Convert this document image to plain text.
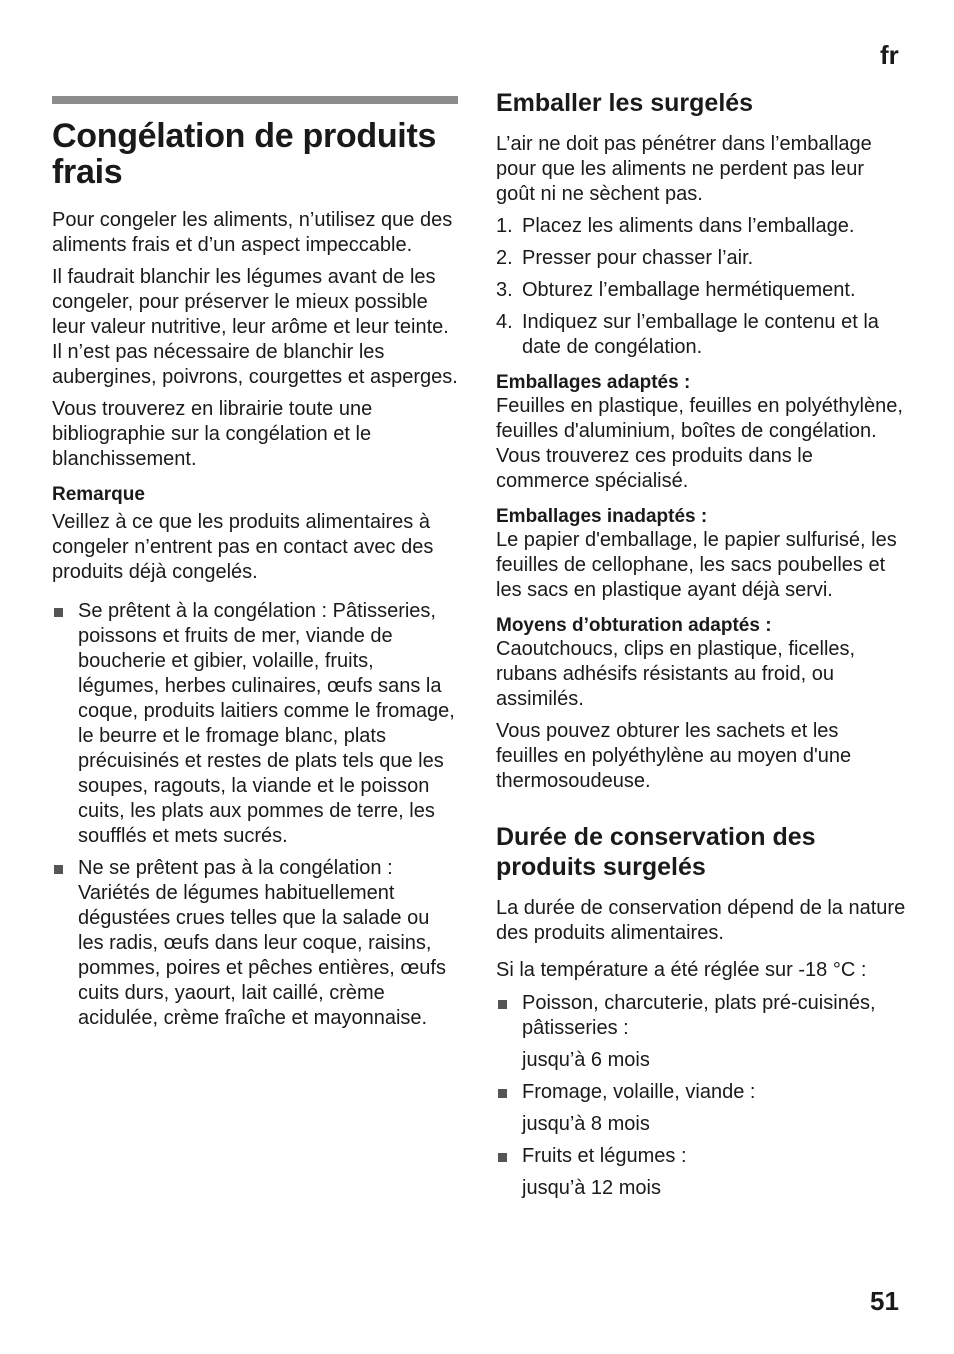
fr
Congélation de produits frais

Pour congeler les aliments, n’utilisez que des aliments frais et d’un aspect impeccable.

Il faudrait blanchir les légumes avant de les congeler, pour préserver le mieux possible leur valeur nutritive, leur arôme et leur teinte. Il n’est pas nécessaire de blanchir les aubergines, poivrons, courgettes et asperges.

Vous trouverez en librairie toute une bibliographie sur la congélation et le blanchissement.

Remarque

Veillez à ce que les produits alimentaires à congeler n’entrent pas en contact avec des produits déjà congelés.

Se prêtent à la congélation : Pâtisseries, poissons et fruits de mer, viande de boucherie et gibier, volaille, fruits, légumes, herbes culinaires, œufs sans la coque, produits laitiers comme le fromage, le beurre et le fromage blanc, plats précuisinés et restes de plats tels que les soupes, ragouts, la viande et le poisson cuits, les plats aux pommes de terre, les soufflés et mets sucrés.
Ne se prêtent pas à la congélation : Variétés de légumes habituellement dégustées crues telles que la salade ou les radis, œufs dans leur coque, raisins, pommes, poires et pêches entières, œufs cuits durs, yaourt, lait caillé, crème acidulée, crème fraîche et mayonnaise.
Emballer les surgelés

L’air ne doit pas pénétrer dans l’emballage pour que les aliments ne perdent pas leur goût ni ne sèchent pas.

1. Placez les aliments dans l’emballage.
2. Presser pour chasser l’air.
3. Obturez l’emballage hermétiquement.
4. Indiquez sur l’emballage le contenu et la date de congélation.
Emballages adaptés :

Feuilles en plastique, feuilles en polyéthylène, feuilles d'aluminium, boîtes de congélation.

Vous trouverez ces produits dans le commerce spécialisé.

Emballages inadaptés :

Le papier d'emballage, le papier sulfurisé, les feuilles de cellophane, les sacs poubelles et les sacs en plastique ayant déjà servi.

Moyens d’obturation adaptés :

Caoutchoucs, clips en plastique, ficelles, rubans adhésifs résistants au froid, ou assimilés.

Vous pouvez obturer les sachets et les feuilles en polyéthylène au moyen d'une thermosoudeuse.

Durée de conservation des produits surgelés

La durée de conservation dépend de la nature des produits alimentaires.

Si la température a été réglée sur -18 °C :

Poisson, charcuterie, plats pré-cuisinés, pâtisseries :
jusqu’à 6 mois
Fromage, volaille, viande :
jusqu’à 8 mois
Fruits et légumes :
jusqu’à 12 mois
51
